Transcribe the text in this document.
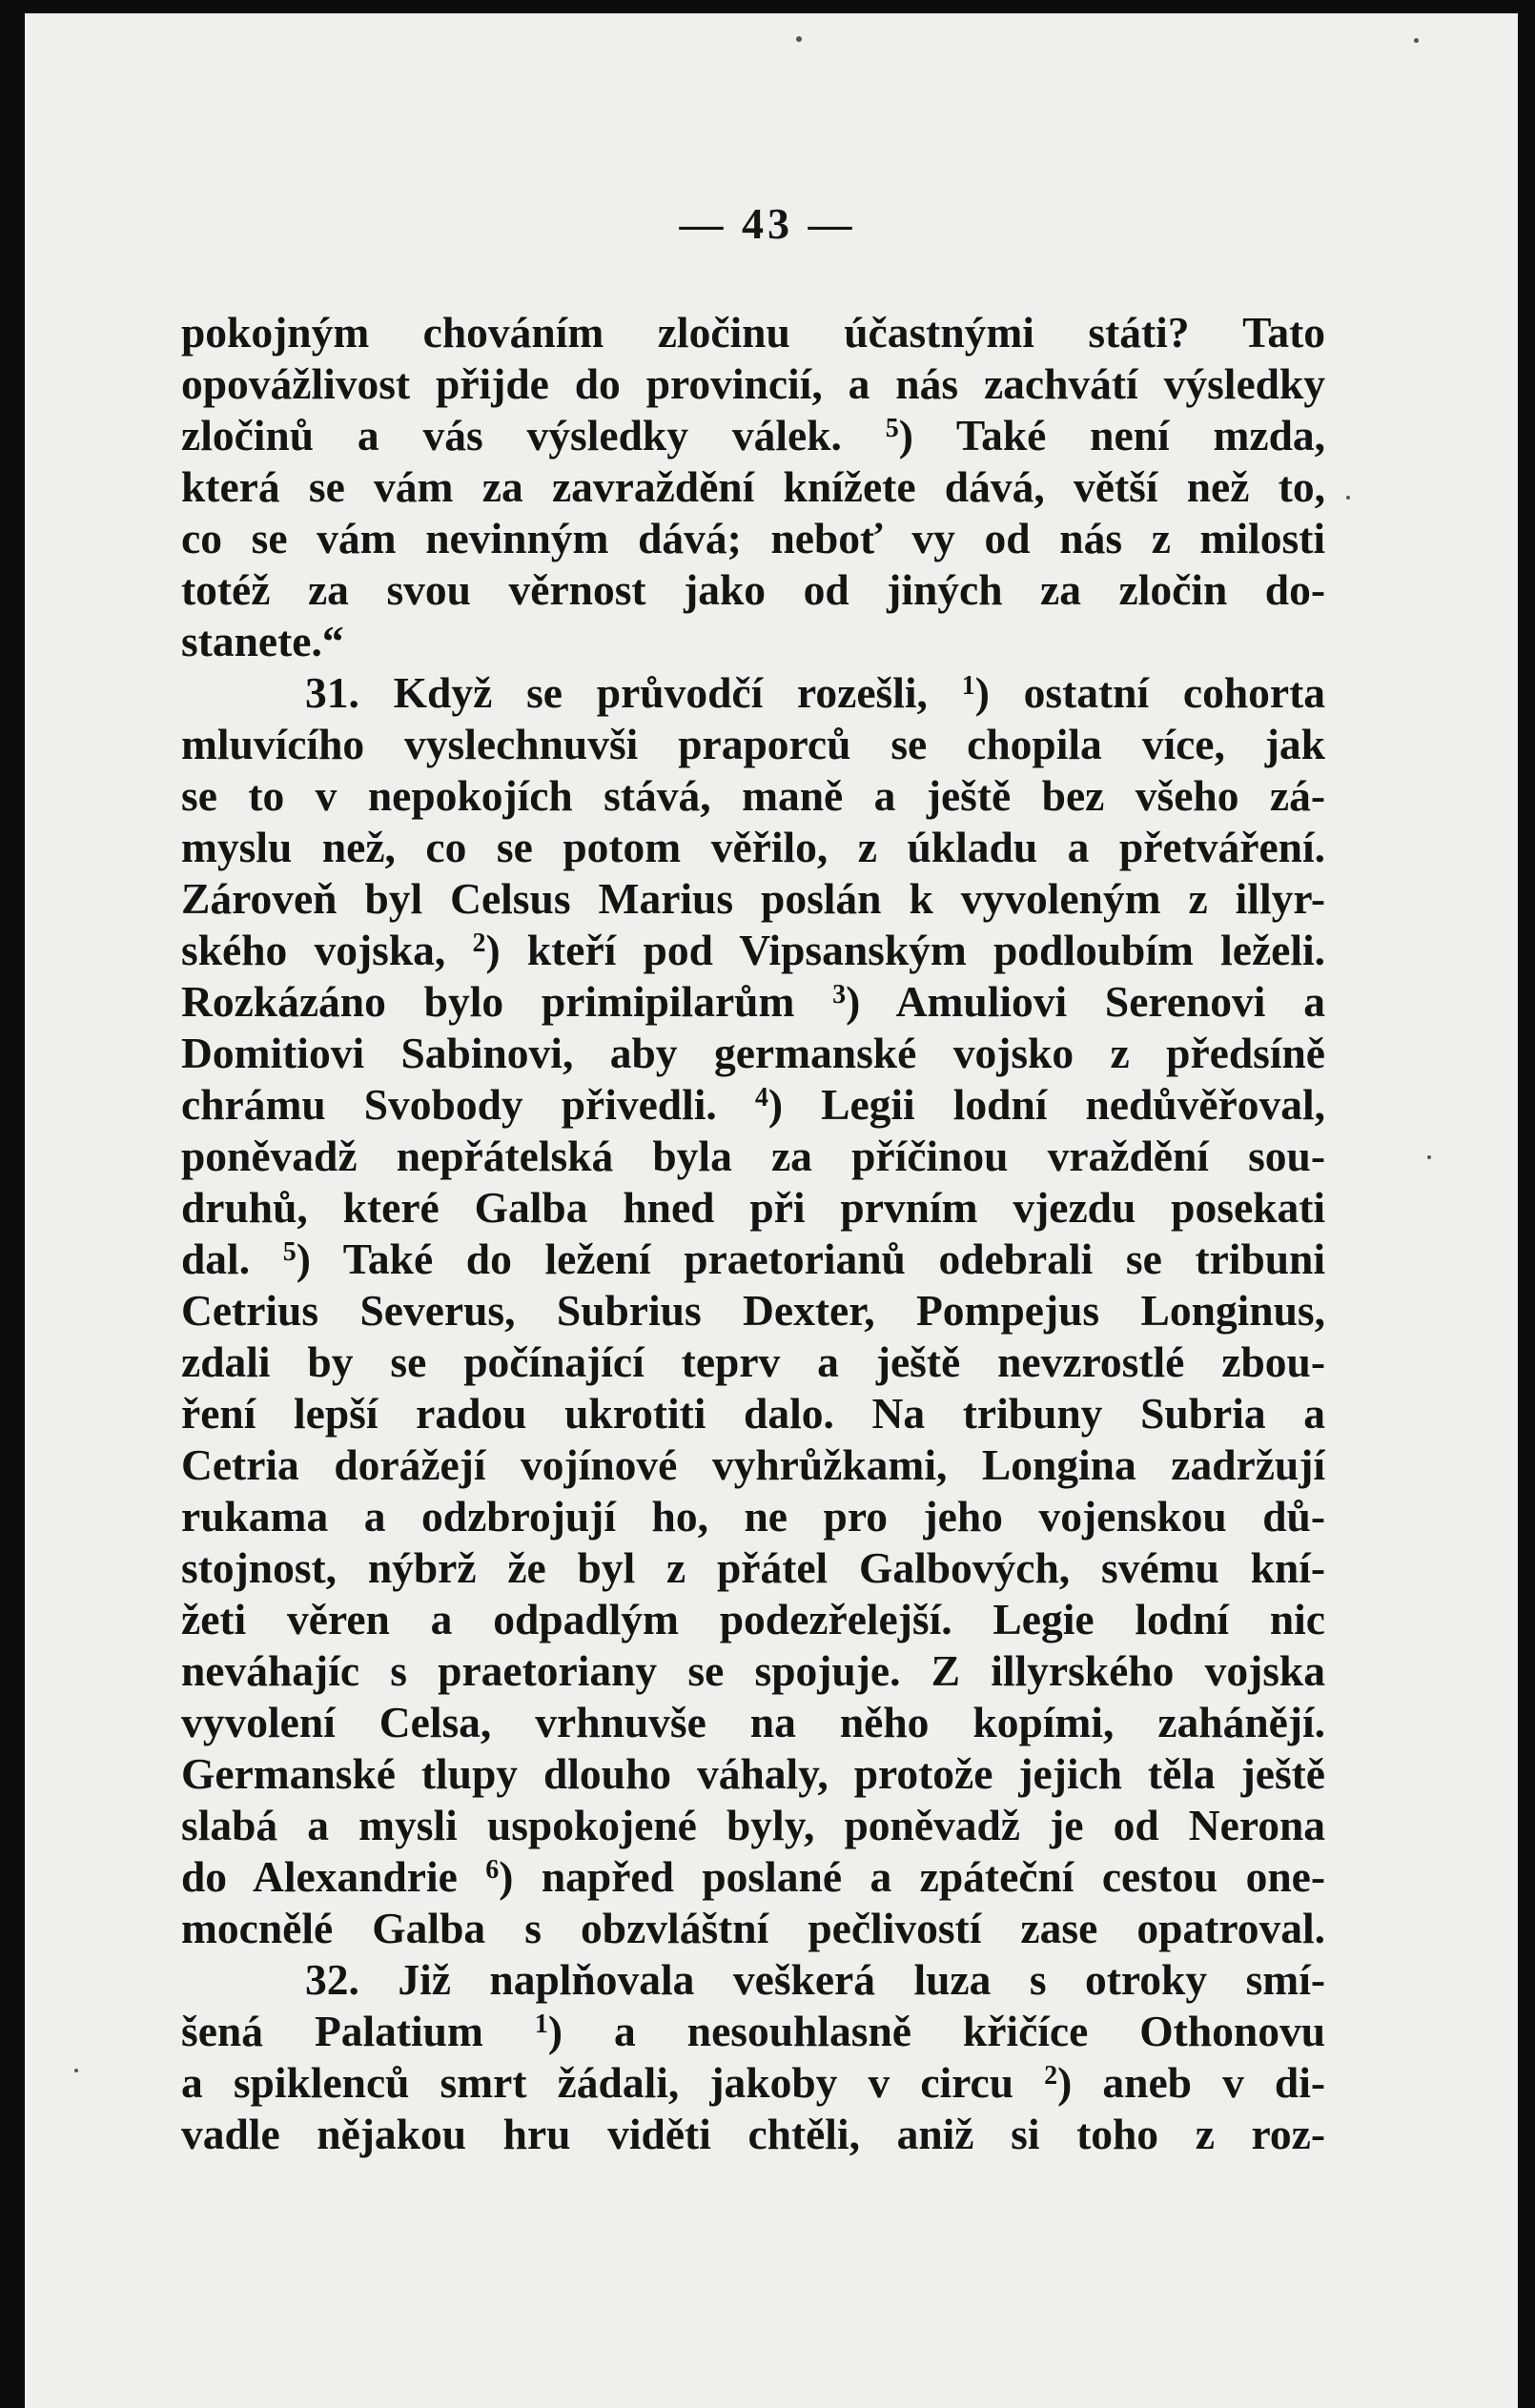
— 43 —
pokojným chováním zločinu účastnými státi? Tato
opovážlivost přijde do provincií, a nás zachvátí výsledky
zločinů a vás výsledky válek. $^5$) Také není mzda,
která se vám za zavraždění knížete dává, větší než to,
co se vám nevinným dává; neboť vy od nás z milosti
totéž za svou věrnost jako od jiných za zločin do-
stanete.“
31. Když se průvodčí rozešli, $^1$) ostatní cohorta
mluvícího vyslechnuvši praporců se chopila více, jak
se to v nepokojích stává, maně a ještě bez všeho zá-
myslu než, co se potom věřilo, z úkladu a přetváření.
Zároveň byl Celsus Marius poslán k vyvoleným z illyr-
ského vojska, $^2$) kteří pod Vipsanským podloubím leželi.
Rozkázáno bylo primipilarům $^3$) Amuliovi Serenovi a
Domitiovi Sabinovi, aby germanské vojsko z předsíně
chrámu Svobody přivedli. $^4$) Legii lodní nedůvěřoval,
poněvadž nepřátelská byla za příčinou vraždění sou-
druhů, které Galba hned při prvním vjezdu posekati
dal. $^5$) Také do ležení praetorianů odebrali se tribuni
Cetrius Severus, Subrius Dexter, Pompejus Longinus,
zdali by se počínající teprv a ještě nevzrostlé zbou-
ření lepší radou ukrotiti dalo. Na tribuny Subria a
Cetria dorážejí vojínové vyhrůžkami, Longina zadržují
rukama a odzbrojují ho, ne pro jeho vojenskou dů-
stojnost, nýbrž že byl z přátel Galbových, svému kní-
žeti věren a odpadlým podezřelejší. Legie lodní nic
neváhajíc s praetoriany se spojuje. Z illyrského vojska
vyvolení Celsa, vrhnuvše na něho kopími, zahánějí.
Germanské tlupy dlouho váhaly, protože jejich těla ještě
slabá a mysli uspokojené byly, poněvadž je od Nerona
do Alexandrie $^6$) napřed poslané a zpáteční cestou one-
mocnělé Galba s obzvláštní pečlivostí zase opatroval.
32. Již naplňovala veškerá luza s otroky smí-
šená Palatium $^1$) a nesouhlasně křičíce Othonovu
a spiklenců smrt žádali, jakoby v circu $^2$) aneb v di-
vadle nějakou hru viděti chtěli, aniž si toho z roz-
